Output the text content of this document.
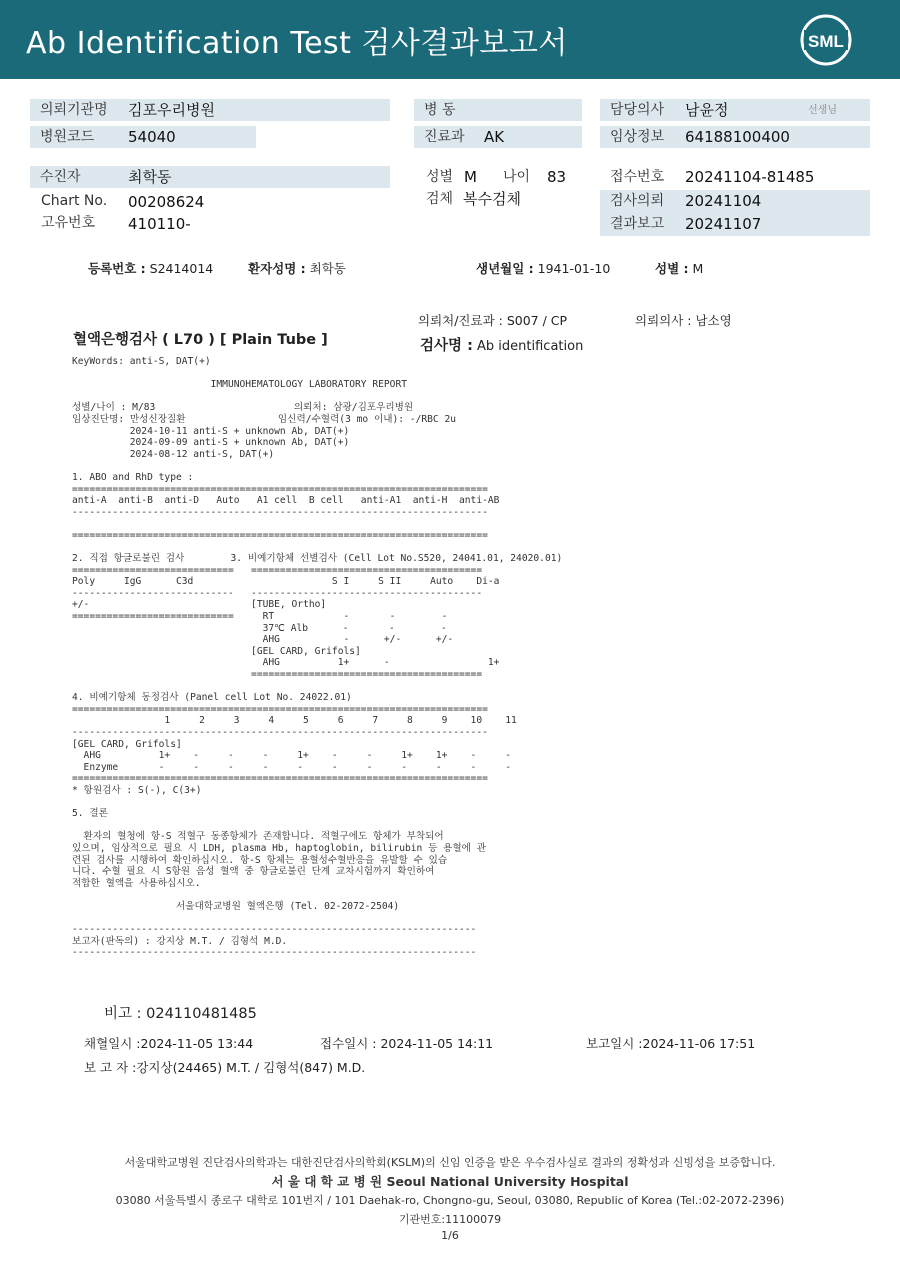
Ab Identification Test 검사결과보고서	SML
의뢰기관명	김포우리병원
병원코드	54040
병 동
진료과	AK
담당의사	남윤정	선생님
임상정보	64188100400
수진자	최학동
Chart No. 00208624
고유번호 410110-
성별 M 나이 83
검체 복수검체
접수번호 20241104-81485
검사의뢰 20241104
결과보고 20241107
등록번호 : S2414014	환자성명 : 최학동	생년월일 : 1941-01-10	성별 : M
의뢰처/진료과 : S007 / CP	의뢰의사 : 남소영
검사명 : Ab identification
혈액은행검사 ( L70 ) [ Plain Tube ]
KeyWords: anti-S, DAT(+)

IMMUNOHEMATOLOGY LABORATORY REPORT

성별/나이 : M/83                        의뢰처: 삼광/김포우리병원
임상진단명: 만성신장질환                임신력/수혈력(3 mo 이내): -/RBC 2u
2024-10-11 anti-S + unknown Ab, DAT(+)
2024-09-09 anti-S + unknown Ab, DAT(+)
2024-08-12 anti-S, DAT(+)

1. ABO and RhD type :
========================================================================
anti-A  anti-B  anti-D   Auto   A1 cell  B cell   anti-A1  anti-H  anti-AB
------------------------------------------------------------------------

========================================================================

2. 직접 항글로불린 검사        3. 비예기항체 선별검사 (Cell Lot No.S520, 24041.01, 24020.01)
============================   ========================================
Poly     IgG      C3d                        S I     S II     Auto    Di-a
----------------------------   ----------------------------------------
+/-                            [TUBE, Ortho]
============================     RT            -       -        -
37℃ Alb      -       -        -
AHG           -      +/-      +/-
[GEL CARD, Grifols]
AHG          1+      -                 1+
========================================

4. 비예기항체 동정검사 (Panel cell Lot No. 24022.01)
========================================================================
1     2     3     4     5     6     7     8     9    10    11
------------------------------------------------------------------------
[GEL CARD, Grifols]
AHG          1+    -     -     -     1+    -     -     1+    1+    -     -
Enzyme       -     -     -     -     -     -     -     -     -     -     -
========================================================================
* 항원검사 : S(-), C(3+)

5. 결론

환자의 혈청에 항-S 적혈구 동종항체가 존재합니다. 적혈구에도 항체가 부착되어
있으며, 임상적으로 필요 시 LDH, plasma Hb, haptoglobin, bilirubin 등 용혈에 관
련된 검사를 시행하여 확인하십시오. 항-S 항체는 용혈성수혈반응을 유발할 수 있습
니다. 수혈 필요 시 S항원 음성 혈액 중 항글로불린 단계 교차시험까지 확인하여
적합한 혈액을 사용하십시오.

서울대학교병원 혈액은행 (Tel. 02-2072-2504)

----------------------------------------------------------------------
보고자(판독의) : 강지상 M.T. / 김형석 M.D.
----------------------------------------------------------------------
비고 : 024110481485
채혈일시 :2024-11-05 13:44	접수일시 : 2024-11-05 14:11	보고일시 :2024-11-06 17:51
보 고 자 :강지상(24465) M.T. / 김형석(847) M.D.
서울대학교병원 진단검사의학과는 대한진단검사의학회(KSLM)의 신임 인증을 받은 우수검사실로 결과의 정확성과 신빙성을 보증합니다.
서 울 대 학 교 병 원 Seoul National University Hospital
03080 서울특별시 종로구 대학로 101번지 / 101 Daehak-ro, Chongno-gu, Seoul, 03080, Republic of Korea (Tel.:02-2072-2396)
기관번호:11100079
1/6
